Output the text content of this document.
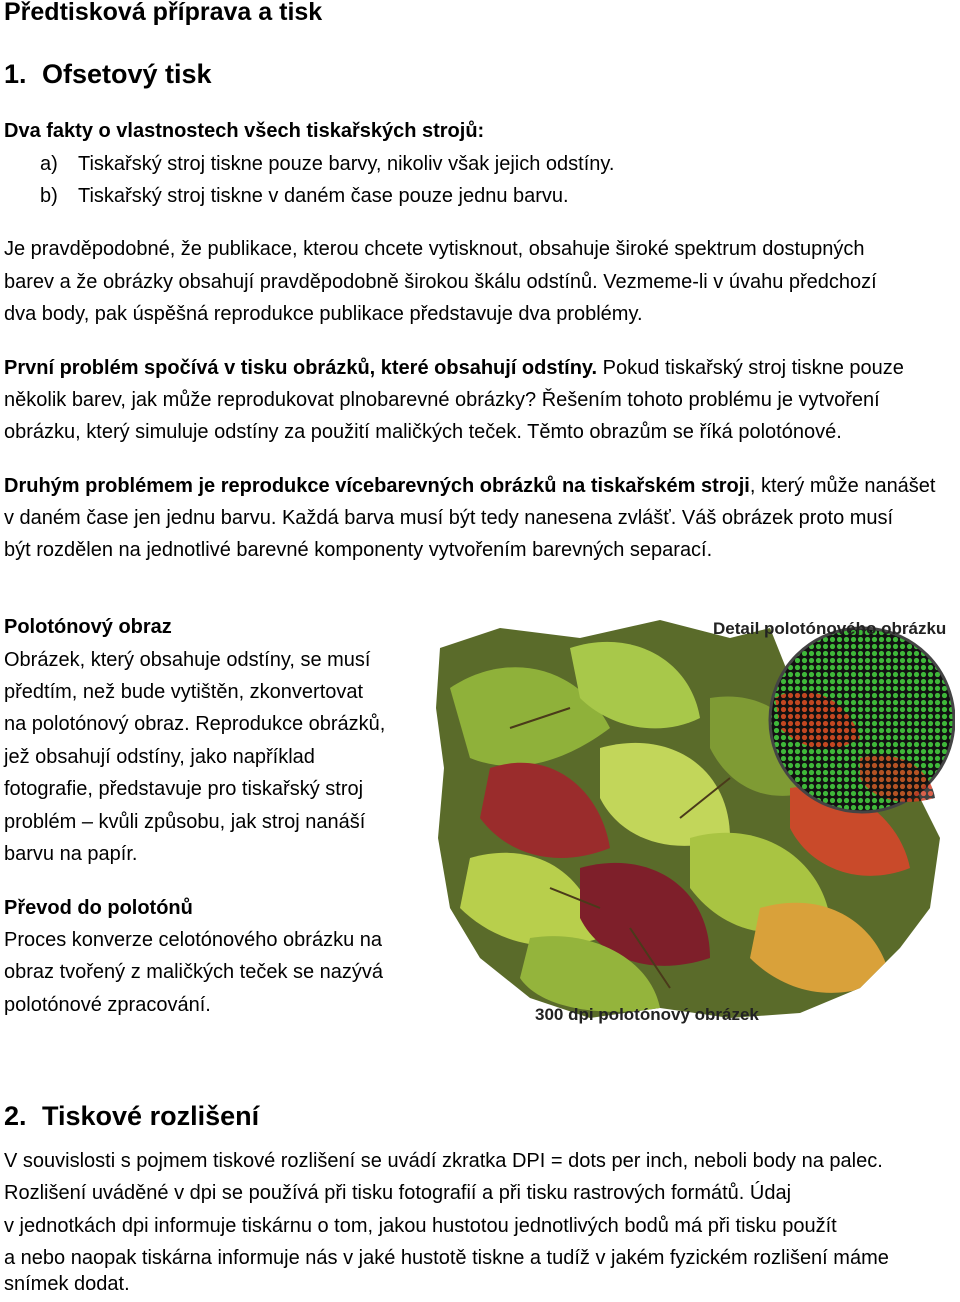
Předtisková příprava a tisk
1. Ofsetový tisk
Dva fakty o vlastnostech všech tiskařských strojů:
a) Tiskařský stroj tiskne pouze barvy, nikoliv však jejich odstíny.
b) Tiskařský stroj tiskne v daném čase pouze jednu barvu.
Je pravděpodobné, že publikace, kterou chcete vytisknout, obsahuje široké spektrum dostupných
barev a že obrázky obsahují pravděpodobně širokou škálu odstínů. Vezmeme-li v úvahu předchozí
dva body, pak úspěšná reprodukce publikace představuje dva problémy.
První problém spočívá v tisku obrázků, které obsahují odstíny. Pokud tiskařský stroj tiskne pouze
několik barev, jak může reprodukovat plnobarevné obrázky? Řešením tohoto problému je vytvoření
obrázku, který simuluje odstíny za použití maličkých teček. Těmto obrazům se říká polotónové.
Druhým problémem je reprodukce vícebarevných obrázků na tiskařském stroji, který může nanášet
v daném čase jen jednu barvu. Každá barva musí být tedy nanesena zvlášť. Váš obrázek proto musí
být rozdělen na jednotlivé barevné komponenty vytvořením barevných separací.
Polotónový obraz
Obrázek, který obsahuje odstíny, se musí
předtím, než bude vytištěn, zkonvertovat
na polotónový obraz. Reprodukce obrázků,
jež obsahují odstíny, jako například
fotografie, představuje pro tiskařský stroj
problém – kvůli způsobu, jak stroj nanáší
barvu na papír.
Převod do polotónů
Proces konverze celotónového obrázku na
obraz tvořený z maličkých teček se nazývá
polotónové zpracování.
Detail polotónového obrázku
300 dpi polotónový obrázek
2. Tiskové rozlišení
V souvislosti s pojmem tiskové rozlišení se uvádí zkratka DPI = dots per inch, neboli body na palec.
Rozlišení uváděné v dpi se používá při tisku fotografií a při tisku rastrových formátů. Údaj
v jednotkách dpi informuje tiskárnu o tom, jakou hustotou jednotlivých bodů má při tisku použít
a nebo naopak tiskárna informuje nás v jaké hustotě tiskne a tudíž v jakém fyzickém rozlišení máme
snímek dodat.
